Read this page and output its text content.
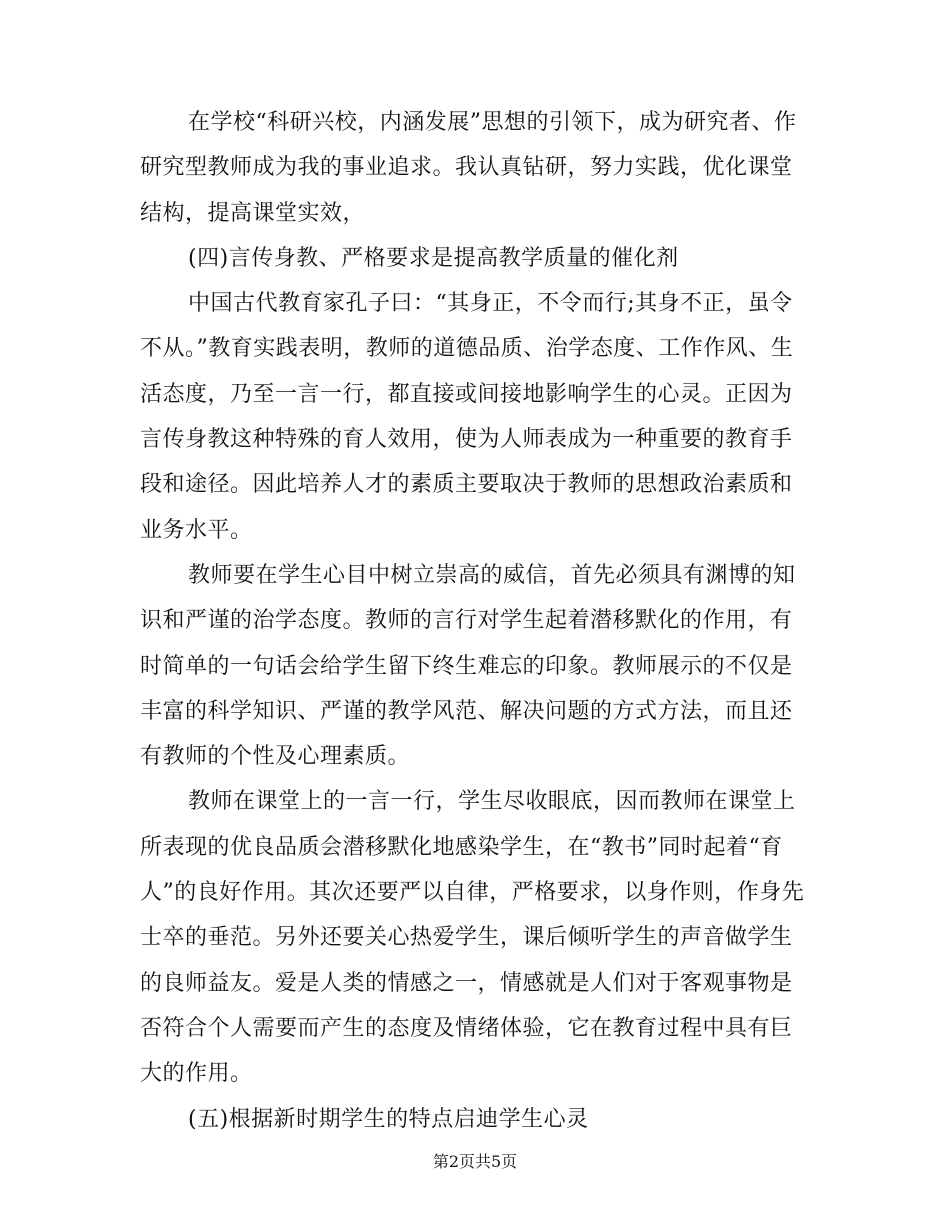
在学校“科研兴校，内涵发展”思想的引领下，成为研究者、作研究型教师成为我的事业追求。我认真钻研，努力实践，优化课堂结构，提高课堂实效，

(四)言传身教、严格要求是提高教学质量的催化剂

中国古代教育家孔子曰：“其身正，不令而行;其身不正，虽令不从。”教育实践表明，教师的道德品质、治学态度、工作作风、生活态度，乃至一言一行，都直接或间接地影响学生的心灵。正因为言传身教这种特殊的育人效用，使为人师表成为一种重要的教育手段和途径。因此培养人才的素质主要取决于教师的思想政治素质和业务水平。

教师要在学生心目中树立崇高的威信，首先必须具有渊博的知识和严谨的治学态度。教师的言行对学生起着潜移默化的作用，有时简单的一句话会给学生留下终生难忘的印象。教师展示的不仅是丰富的科学知识、严谨的教学风范、解决问题的方式方法，而且还有教师的个性及心理素质。

教师在课堂上的一言一行，学生尽收眼底，因而教师在课堂上所表现的优良品质会潜移默化地感染学生，在“教书”同时起着“育人”的良好作用。其次还要严以自律，严格要求，以身作则，作身先士卒的垂范。另外还要关心热爱学生，课后倾听学生的声音做学生的良师益友。爱是人类的情感之一，情感就是人们对于客观事物是否符合个人需要而产生的态度及情绪体验，它在教育过程中具有巨大的作用。

(五)根据新时期学生的特点启迪学生心灵

第2页共5页
